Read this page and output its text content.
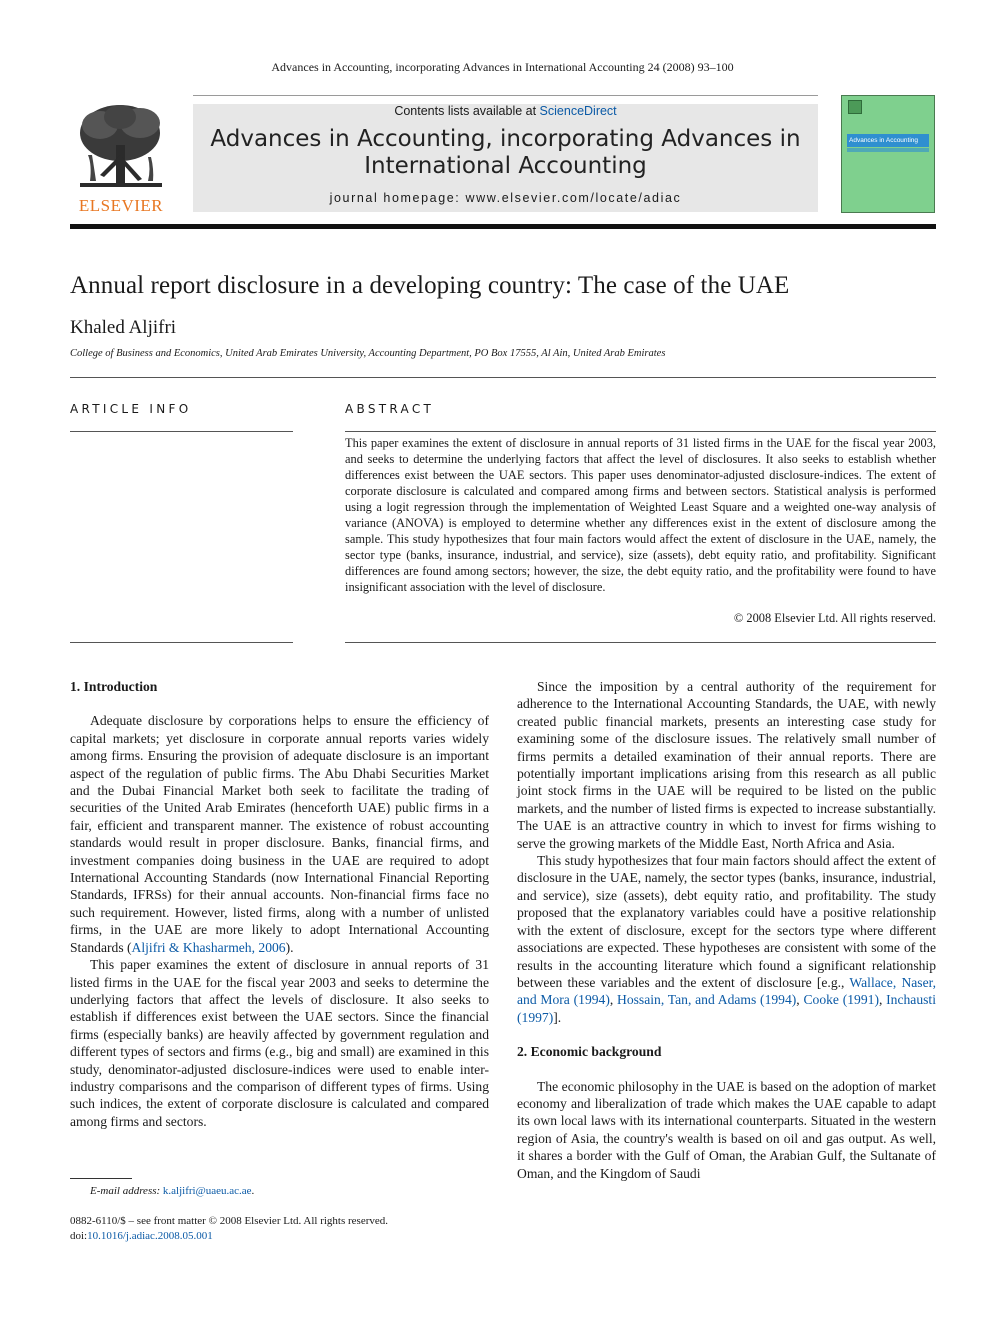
Advances in Accounting, incorporating Advances in International Accounting 24 (2008) 93–100
ELSEVIER
Contents lists available at ScienceDirect
Advances in Accounting, incorporating Advances in
International Accounting
journal homepage: www.elsevier.com/locate/adiac
Advances in Accounting
Annual report disclosure in a developing country: The case of the UAE
Khaled Aljifri
College of Business and Economics, United Arab Emirates University, Accounting Department, PO Box 17555, Al Ain, United Arab Emirates
ARTICLE INFO	ABSTRACT
This paper examines the extent of disclosure in annual reports of 31 listed firms in the UAE for the fiscal year 2003, and seeks to determine the underlying factors that affect the level of disclosures. It also seeks to establish whether differences exist between the UAE sectors. This paper uses denominator-adjusted disclosure-indices. The extent of corporate disclosure is calculated and compared among firms and between sectors. Statistical analysis is performed using a logit regression through the implementation of Weighted Least Square and a weighted one-way analysis of variance (ANOVA) is employed to determine whether any differences exist in the extent of disclosure among the sample. This study hypothesizes that four main factors would affect the extent of disclosure in the UAE, namely, the sector type (banks, insurance, industrial, and service), size (assets), debt equity ratio, and profitability. Significant differences are found among sectors; however, the size, the debt equity ratio, and the profitability were found to have insignificant association with the level of disclosure.
© 2008 Elsevier Ltd. All rights reserved.
1. Introduction

Adequate disclosure by corporations helps to ensure the efficiency of capital markets; yet disclosure in corporate annual reports varies widely among firms. Ensuring the provision of adequate disclosure is an important aspect of the regulation of public firms. The Abu Dhabi Securities Market and the Dubai Financial Market both seek to facilitate the trading of securities of the United Arab Emirates (henceforth UAE) public firms in a fair, efficient and transparent manner. The existence of robust accounting standards would result in proper disclosure. Banks, financial firms, and investment companies doing business in the UAE are required to adopt International Accounting Standards (now International Financial Reporting Standards, IFRSs) for their annual accounts. Non-financial firms face no such requirement. However, listed firms, along with a number of unlisted firms, in the UAE are more likely to adopt International Accounting Standards (Aljifri & Khasharmeh, 2006).

This paper examines the extent of disclosure in annual reports of 31 listed firms in the UAE for the fiscal year 2003 and seeks to determine the underlying factors that affect the levels of disclosure. It also seeks to establish if differences exist between the UAE sectors. Since the financial firms (especially banks) are heavily affected by government regulation and different types of sectors and firms (e.g., big and small) are examined in this study, denominator-adjusted disclosure-indices were used to enable inter-industry comparisons and the comparison of different types of firms. Using such indices, the extent of corporate disclosure is calculated and compared among firms and sectors.

Since the imposition by a central authority of the requirement for adherence to the International Accounting Standards, the UAE, with newly created public financial markets, presents an interesting case study for examining some of the disclosure issues. The relatively small number of firms permits a detailed examination of their annual reports. There are potentially important implications arising from this research as all public joint stock firms in the UAE will be required to be listed on the public markets, and the number of listed firms is expected to increase substantially. The UAE is an attractive country in which to invest for firms wishing to serve the growing markets of the Middle East, North Africa and Asia.

This study hypothesizes that four main factors should affect the extent of disclosure in the UAE, namely, the sector types (banks, insurance, industrial, and service), size (assets), debt equity ratio, and profitability. The study proposed that the explanatory variables could have a positive relationship with the extent of disclosure, except for the sectors type where different associations are expected. These hypotheses are consistent with some of the results in the accounting literature which found a significant relationship between these variables and the extent of disclosure [e.g., Wallace, Naser, and Mora (1994), Hossain, Tan, and Adams (1994), Cooke (1991), Inchausti (1997)].

2. Economic background

The economic philosophy in the UAE is based on the adoption of market economy and liberalization of trade which makes the UAE capable to adapt its own local laws with its international counterparts. Situated in the western region of Asia, the country's wealth is based on oil and gas output. As well, it shares a border with the Gulf of Oman, the Arabian Gulf, the Sultanate of Oman, and the Kingdom of Saudi

E-mail address: k.aljifri@uaeu.ac.ae.
0882-6110/$ – see front matter © 2008 Elsevier Ltd. All rights reserved.
doi:10.1016/j.adiac.2008.05.001
